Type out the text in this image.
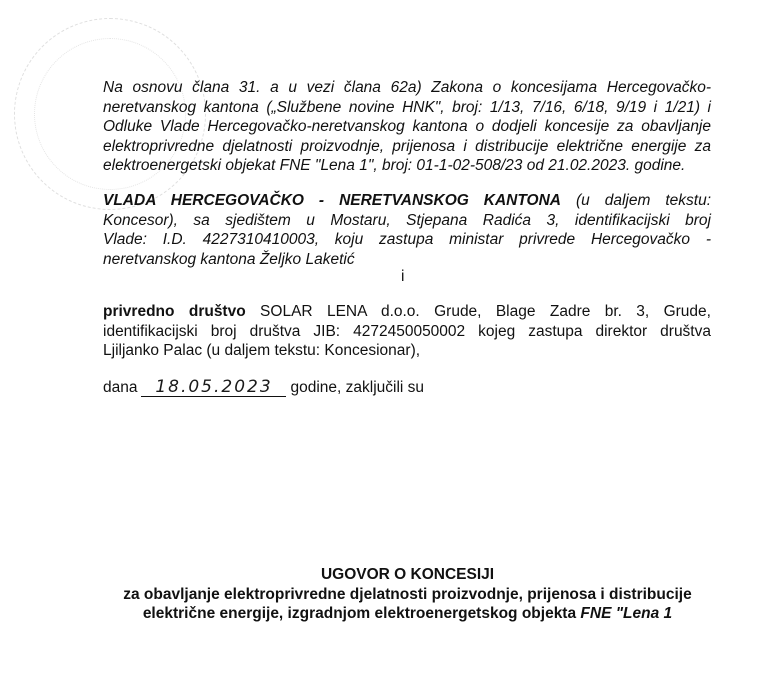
Na osnovu člana 31. a u vezi člana 62a) Zakona o koncesijama Hercegovačko-
neretvanskog kantona („Službene novine HNK", broj: 1/13, 7/16, 6/18, 9/19 i 1/21) i
Odluke Vlade Hercegovačko-neretvanskog kantona o dodjeli koncesije za obavljanje
elektroprivredne djelatnosti proizvodnje, prijenosa i distribucije električne energije za
elektroenergetski objekat FNE "Lena 1", broj: 01-1-02-508/23 od 21.02.2023. godine.
VLADA HERCEGOVAČKO - NERETVANSKOG KANTONA (u daljem tekstu:
Koncesor), sa sjedištem u Mostaru, Stjepana Radića 3, identifikacijski broj
Vlade: I.D. 4227310410003, koju zastupa ministar privrede Hercegovačko -
neretvanskog kantona Željko Laketić
i
privredno društvo SOLAR LENA d.o.o. Grude, Blage Zadre br. 3, Grude,
identifikacijski broj društva JIB: 4272450050002 kojeg zastupa direktor društva
Ljiljanko Palac (u daljem tekstu: Koncesionar),
dana	18.05.2023	godine, zaključili su
UGOVOR O KONCESIJI
za obavljanje elektroprivredne djelatnosti proizvodnje, prijenosa i distribucije
električne energije, izgradnjom elektroenergetskog objekta FNE "Lena 1
